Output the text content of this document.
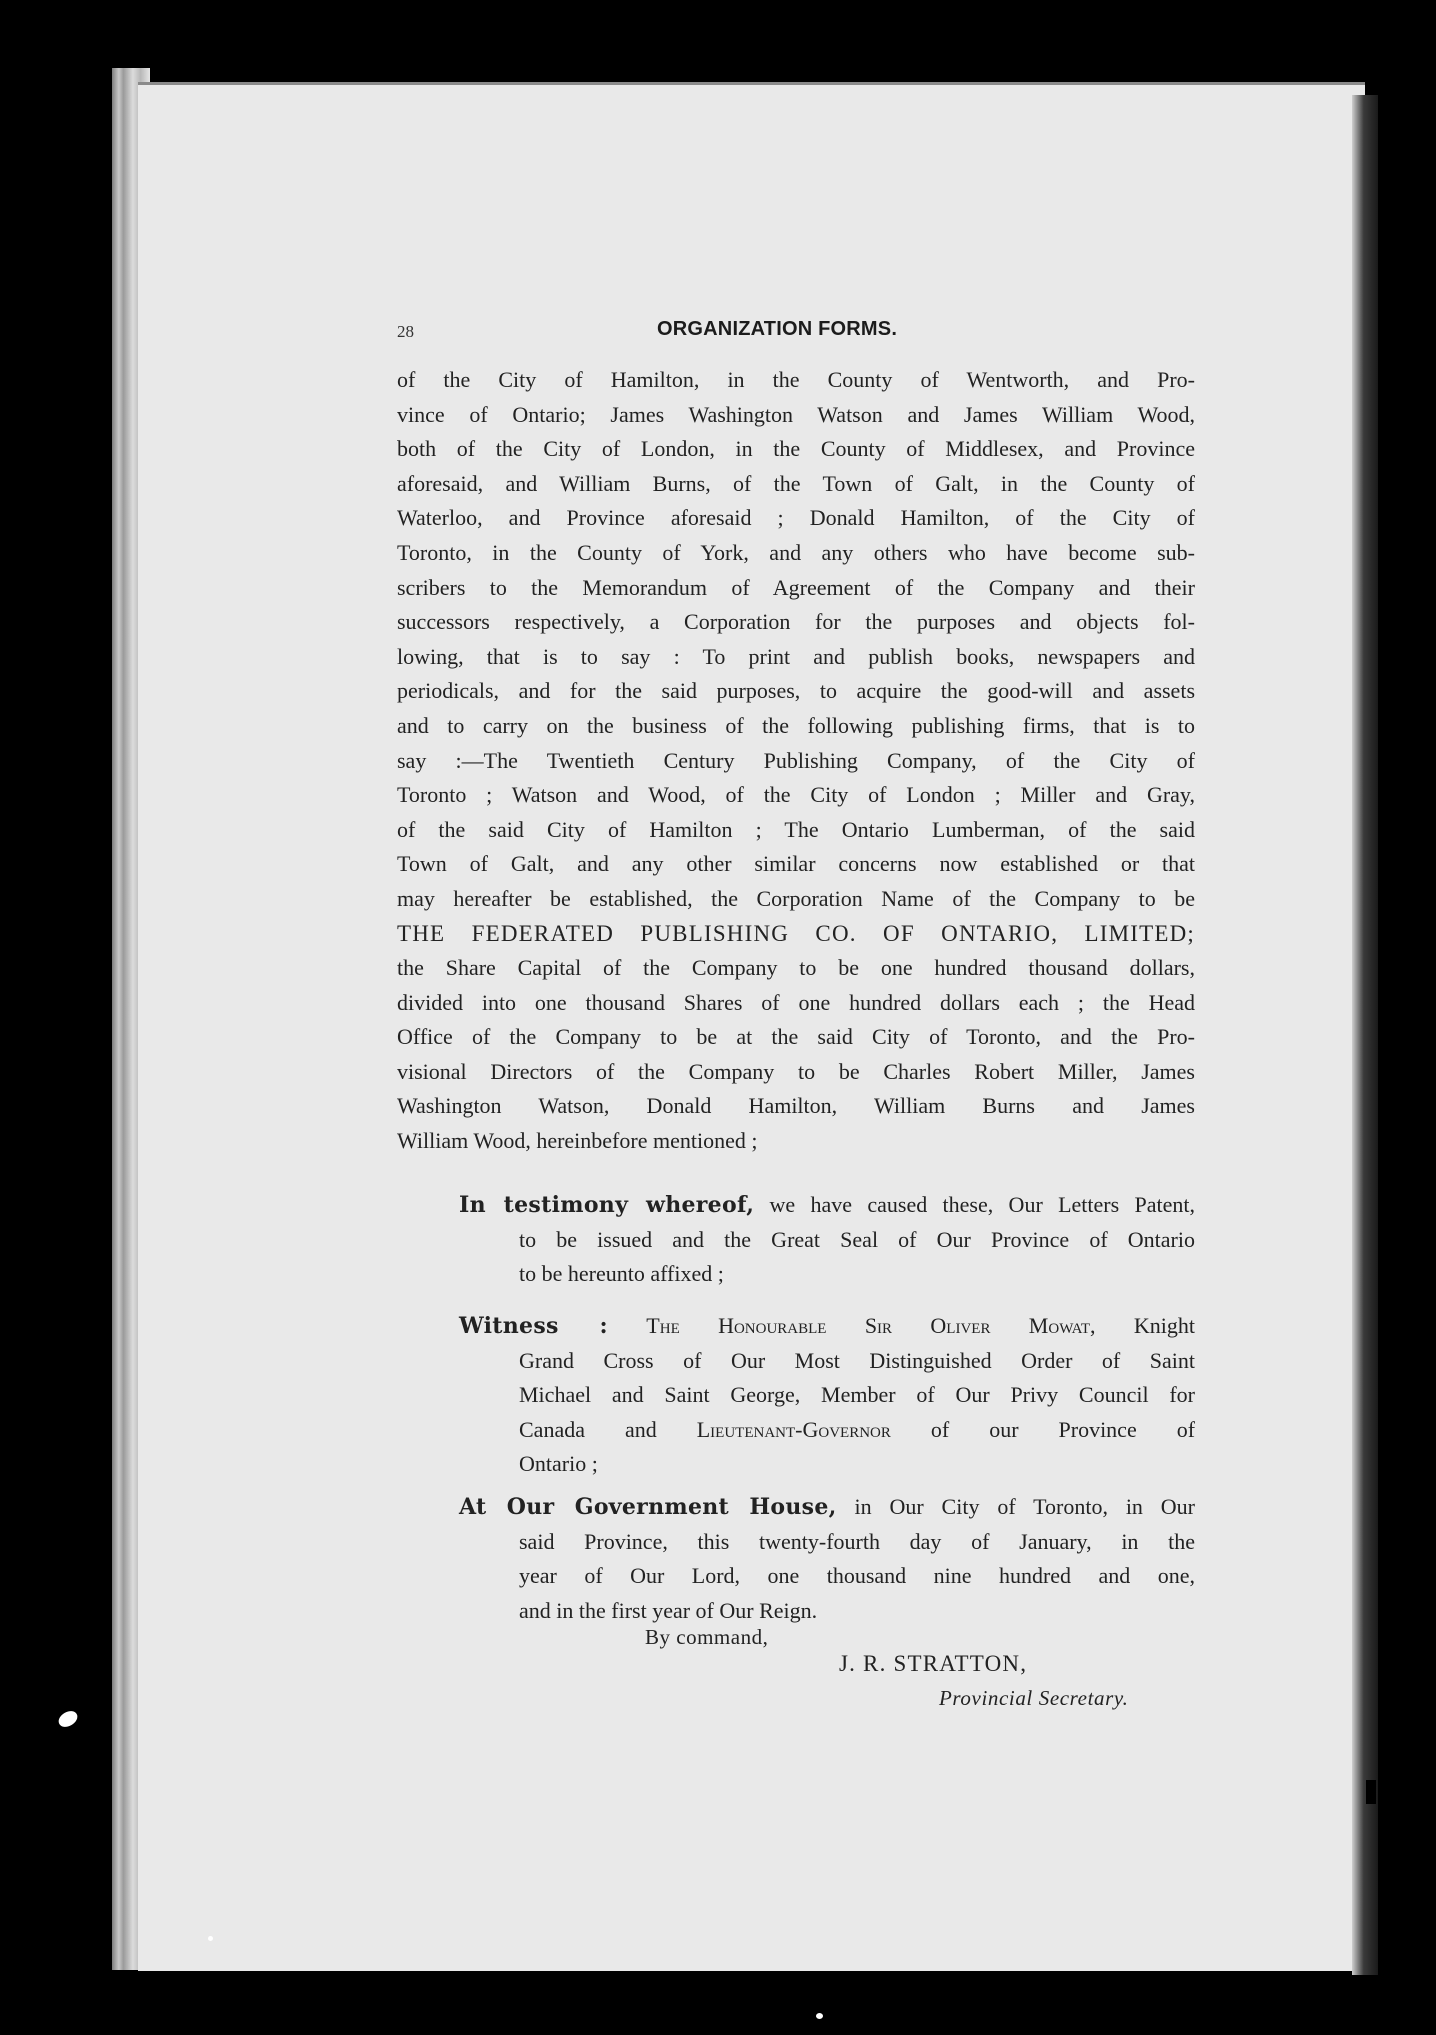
28	ORGANIZATION FORMS.
of the City of Hamilton, in the County of Wentworth, and Pro-
vince of Ontario; James Washington Watson and James William Wood,
both of the City of London, in the County of Middlesex, and Province
aforesaid, and William Burns, of the Town of Galt, in the County of
Waterloo, and Province aforesaid ; Donald Hamilton, of the City of
Toronto, in the County of York, and any others who have become sub-
scribers to the Memorandum of Agreement of the Company and their
successors respectively, a Corporation for the purposes and objects fol-
lowing, that is to say : To print and publish books, newspapers and
periodicals, and for the said purposes, to acquire the good-will and assets
and to carry on the business of the following publishing firms, that is to
say :—The Twentieth Century Publishing Company, of the City of
Toronto ; Watson and Wood, of the City of London ; Miller and Gray,
of the said City of Hamilton ; The Ontario Lumberman, of the said
Town of Galt, and any other similar concerns now established or that
may hereafter be established, the Corporation Name of the Company to be
THE FEDERATED PUBLISHING CO. OF ONTARIO, LIMITED;
the Share Capital of the Company to be one hundred thousand dollars,
divided into one thousand Shares of one hundred dollars each ; the Head
Office of the Company to be at the said City of Toronto, and the Pro-
visional Directors of the Company to be Charles Robert Miller, James
Washington Watson, Donald Hamilton, William Burns and James
William Wood, hereinbefore mentioned ;
In testimony whereof, we have caused these, Our Letters Patent,
to be issued and the Great Seal of Our Province of Ontario
to be hereunto affixed ;
Witness : The Honourable Sir Oliver Mowat, Knight
Grand Cross of Our Most Distinguished Order of Saint
Michael and Saint George, Member of Our Privy Council for
Canada and Lieutenant-Governor of our Province of
Ontario ;
At Our Government House, in Our City of Toronto, in Our
said Province, this twenty-fourth day of January, in the
year of Our Lord, one thousand nine hundred and one,
and in the first year of Our Reign.
By command,
J. R. STRATTON,
Provincial Secretary.
